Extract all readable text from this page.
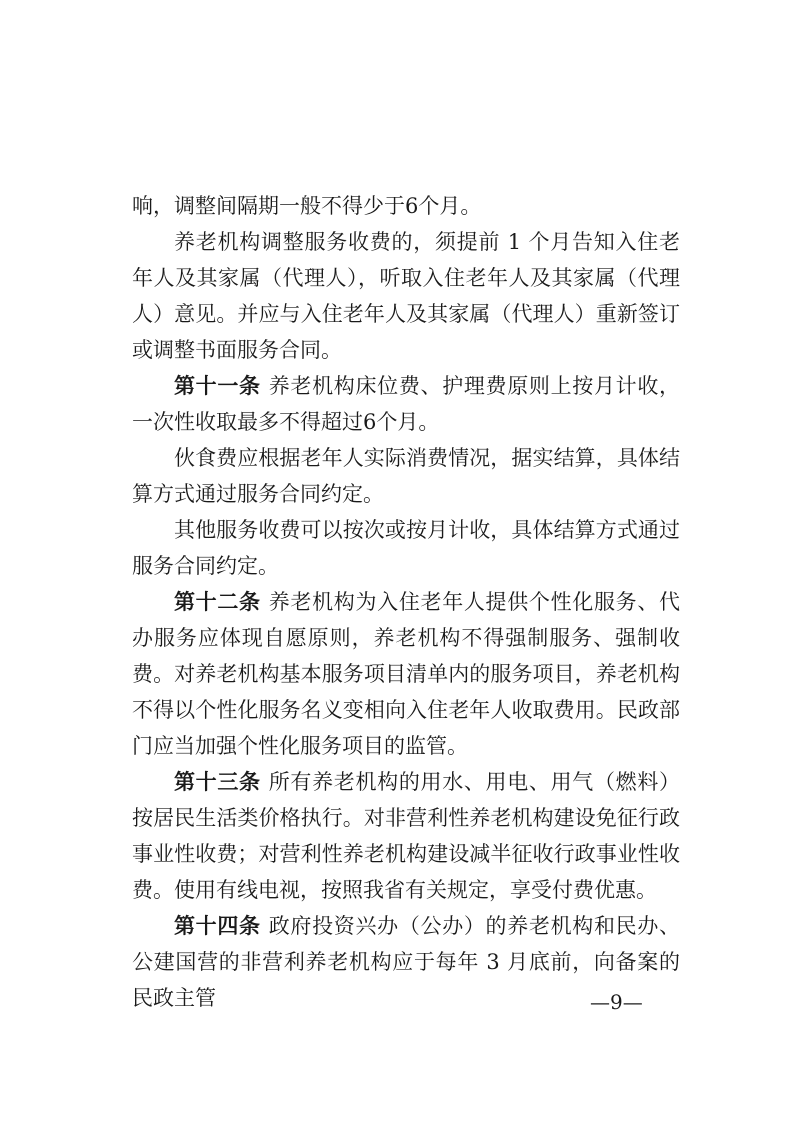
响，调整间隔期一般不得少于6个月。

养老机构调整服务收费的，须提前 1 个月告知入住老年人及其家属（代理人），听取入住老年人及其家属（代理人）意见。并应与入住老年人及其家属（代理人）重新签订或调整书面服务合同。

第十一条 养老机构床位费、护理费原则上按月计收，一次性收取最多不得超过6个月。

伙食费应根据老年人实际消费情况，据实结算，具体结算方式通过服务合同约定。

其他服务收费可以按次或按月计收，具体结算方式通过服务合同约定。

第十二条 养老机构为入住老年人提供个性化服务、代办服务应体现自愿原则，养老机构不得强制服务、强制收费。对养老机构基本服务项目清单内的服务项目，养老机构不得以个性化服务名义变相向入住老年人收取费用。民政部门应当加强个性化服务项目的监管。

第十三条 所有养老机构的用水、用电、用气（燃料）按居民生活类价格执行。对非营利性养老机构建设免征行政事业性收费；对营利性养老机构建设减半征收行政事业性收费。使用有线电视，按照我省有关规定，享受付费优惠。

第十四条 政府投资兴办（公办）的养老机构和民办、公建国营的非营利养老机构应于每年 3 月底前，向备案的民政主管	—9—
